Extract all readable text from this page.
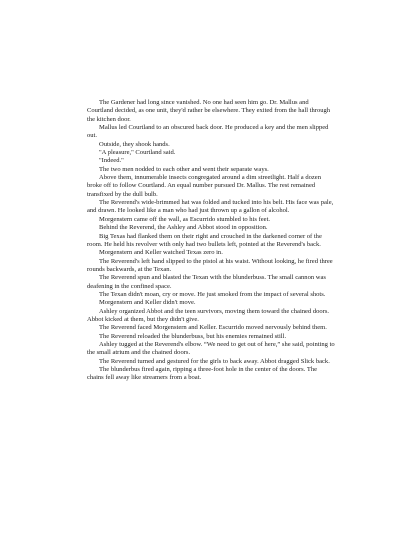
The Gardener had long since vanished. No one had seen him go. Dr. Mallus and Courtland decided, as one unit, they'd rather be elsewhere. They exited from the hall through the kitchen door.

Mallus led Courtland to an obscured back door. He produced a key and the men slipped out.

Outside, they shook hands.

"A pleasure," Courtland said.

"Indeed."

The two men nodded to each other and went their separate ways.

Above them, innumerable insects congregated around a dim streetlight. Half a dozen broke off to follow Courtland. An equal number pursued Dr. Mallus. The rest remained transfixed by the dull bulb.

The Reverend's wide-brimmed hat was folded and tucked into his belt. His face was pale, and drawn. He looked like a man who had just thrown up a gallon of alcohol.

Morgenstern came off the wall, as Escurrido stumbled to his feet.

Behind the Reverend, the Ashley and Abbot stood in opposition.

Big Texas had flanked them on their right and crouched in the darkened corner of the room. He held his revolver with only had two bullets left, pointed at the Reverend's back.

Morgenstern and Keller watched Texas zero in.

The Reverend's left hand slipped to the pistol at his waist. Without looking, he fired three rounds backwards, at the Texan.

The Reverend spun and blasted the Texan with the blunderbuss. The small cannon was deafening in the confined space.

The Texan didn't moan, cry or move. He just smoked from the impact of several shots.

Morgenstern and Keller didn't move.

Ashley organized Abbot and the teen survivors, moving them toward the chained doors. Abbot kicked at them, but they didn't give.

The Reverend faced Morgenstern and Keller. Escurrido moved nervously behind them.

The Reverend reloaded the blunderbuss, but his enemies remained still.

Ashley tugged at the Reverend's elbow. “We need to get out of here,” she said, pointing to the small atrium and the chained doors.

The Reverend turned and gestured for the girls to back away. Abbot dragged Slick back.

The blunderbus fired again, ripping a three-foot hole in the center of the doors. The chains fell away like streamers from a boat.
